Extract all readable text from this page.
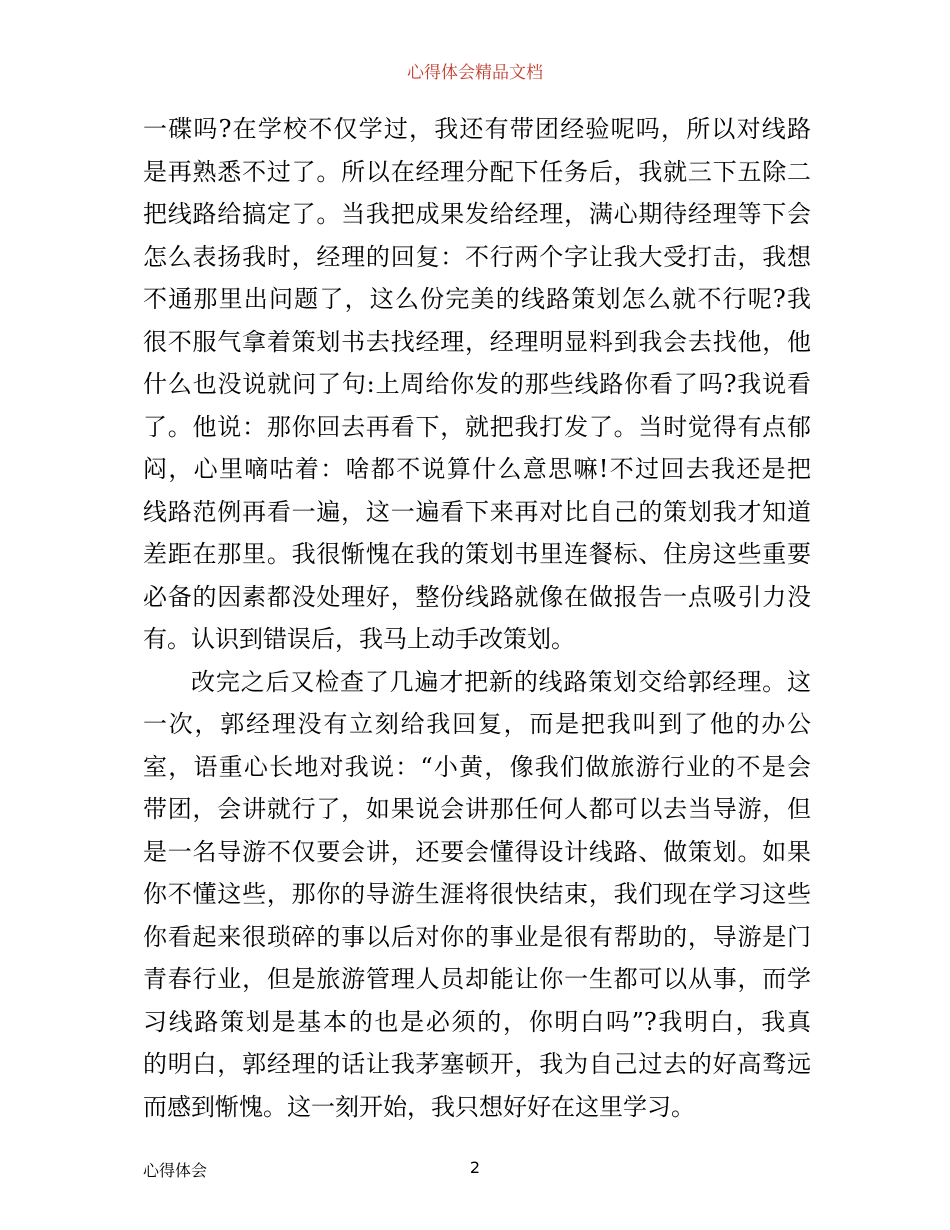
心得体会精品文档
一碟吗?在学校不仅学过，我还有带团经验呢吗，所以对线路
是再熟悉不过了。所以在经理分配下任务后，我就三下五除二
把线路给搞定了。当我把成果发给经理，满心期待经理等下会
怎么表扬我时，经理的回复：不行两个字让我大受打击，我想
不通那里出问题了，这么份完美的线路策划怎么就不行呢?我
很不服气拿着策划书去找经理，经理明显料到我会去找他，他
什么也没说就问了句:上周给你发的那些线路你看了吗?我说看
了。他说：那你回去再看下，就把我打发了。当时觉得有点郁
闷，心里嘀咕着：啥都不说算什么意思嘛!不过回去我还是把
线路范例再看一遍，这一遍看下来再对比自己的策划我才知道
差距在那里。我很惭愧在我的策划书里连餐标、住房这些重要
必备的因素都没处理好，整份线路就像在做报告一点吸引力没
有。认识到错误后，我马上动手改策划。
改完之后又检查了几遍才把新的线路策划交给郭经理。这
一次，郭经理没有立刻给我回复，而是把我叫到了他的办公
室，语重心长地对我说：“小黄，像我们做旅游行业的不是会
带团，会讲就行了，如果说会讲那任何人都可以去当导游，但
是一名导游不仅要会讲，还要会懂得设计线路、做策划。如果
你不懂这些，那你的导游生涯将很快结束，我们现在学习这些
你看起来很琐碎的事以后对你的事业是很有帮助的，导游是门
青春行业，但是旅游管理人员却能让你一生都可以从事，而学
习线路策划是基本的也是必须的，你明白吗”?我明白，我真
的明白，郭经理的话让我茅塞顿开，我为自己过去的好高骛远
而感到惭愧。这一刻开始，我只想好好在这里学习。
心得体会	2
